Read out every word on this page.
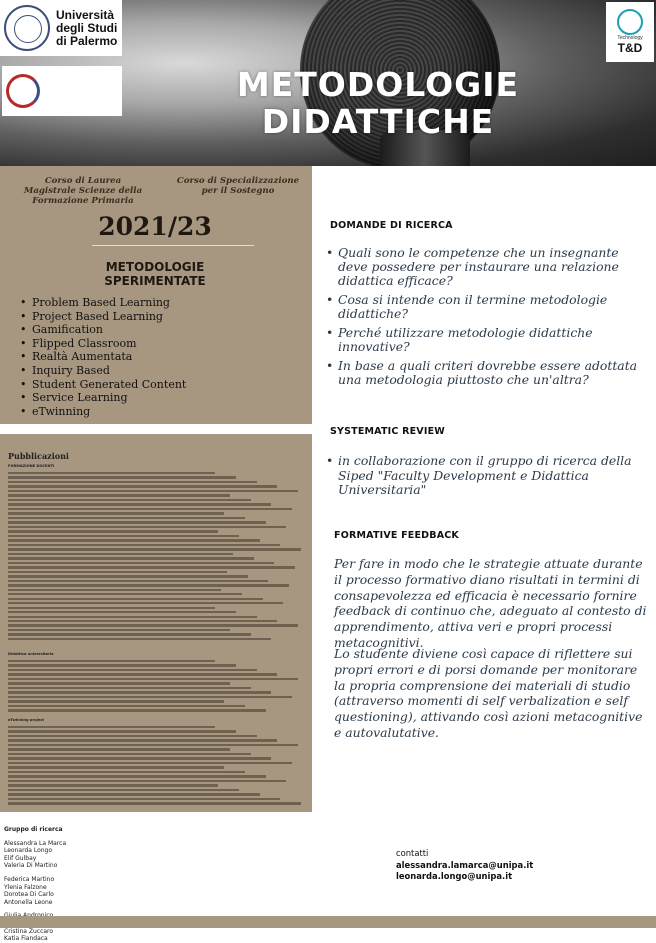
Università
degli Studi
di Palermo	Technology
T&D
METODOLOGIE
DIDATTICHE
Corso di Laurea Magistrale Scienze della Formazione Primaria
Corso di Specializzazione per il Sostegno
2021/23
METODOLOGIE
SPERIMENTATE
• Problem Based Learning
• Project Based Learning
• Gamification
• Flipped Classroom
• Realtà Aumentata
• Inquiry Based
• Student Generated Content
• Service Learning
• eTwinning
Pubblicazioni
FORMAZIONE DOCENTI
Didattica universitaria
eTwinning project
Gruppo di ricerca
Alessandra La Marca
Leonarda Longo
Elif Gulbay
Valeria Di Martino
Federica Martino
Ylenia Falzone
Dorotea Di Carlo
Antonella Leone
Cristina Zuccaro
Katia Fiandaca
DOMANDE DI RICERCA
• Quali sono le competenze che un insegnante deve possedere per instaurare una relazione didattica efficace?
• Cosa si intende con il termine metodologie didattiche?
• Perché utilizzare metodologie didattiche innovative?
• In base a quali criteri dovrebbe essere adottata una metodologia piuttosto che un'altra?
SYSTEMATIC REVIEW
• in collaborazione con il gruppo di ricerca della Siped "Faculty Development e Didattica Universitaria"
FORMATIVE FEEDBACK
Per fare in modo che le strategie attuate durante il processo formativo diano risultati in termini di consapevolezza ed efficacia è necessario fornire feedback di continuo che, adeguato al contesto di apprendimento, attiva veri e propri processi metacognitivi.
Lo studente diviene così capace di riflettere sui propri errori e di porsi domande per monitorare la propria comprensione dei materiali di studio (attraverso momenti di self verbalization e self questioning), attivando così azioni metacognitive e autovalutative.
contatti
alessandra.lamarca@unipa.it
leonarda.longo@unipa.it
